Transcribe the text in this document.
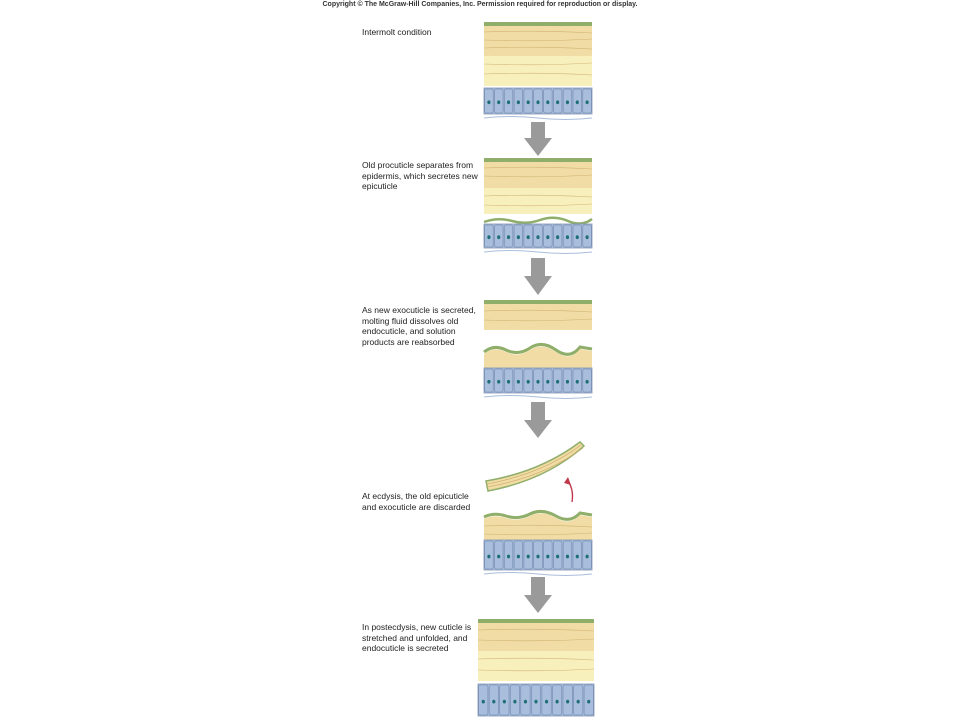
Copyright © The McGraw-Hill Companies, Inc. Permission required for reproduction or display.
Intermolt condition
Old procuticle separates from epidermis, which secretes new epicuticle
As new exocuticle is secreted, molting fluid dissolves old endocuticle, and solution products are reabsorbed
At ecdysis, the old epicuticle and exocuticle are discarded
In postecdysis, new cuticle is stretched and unfolded, and endocuticle is secreted
